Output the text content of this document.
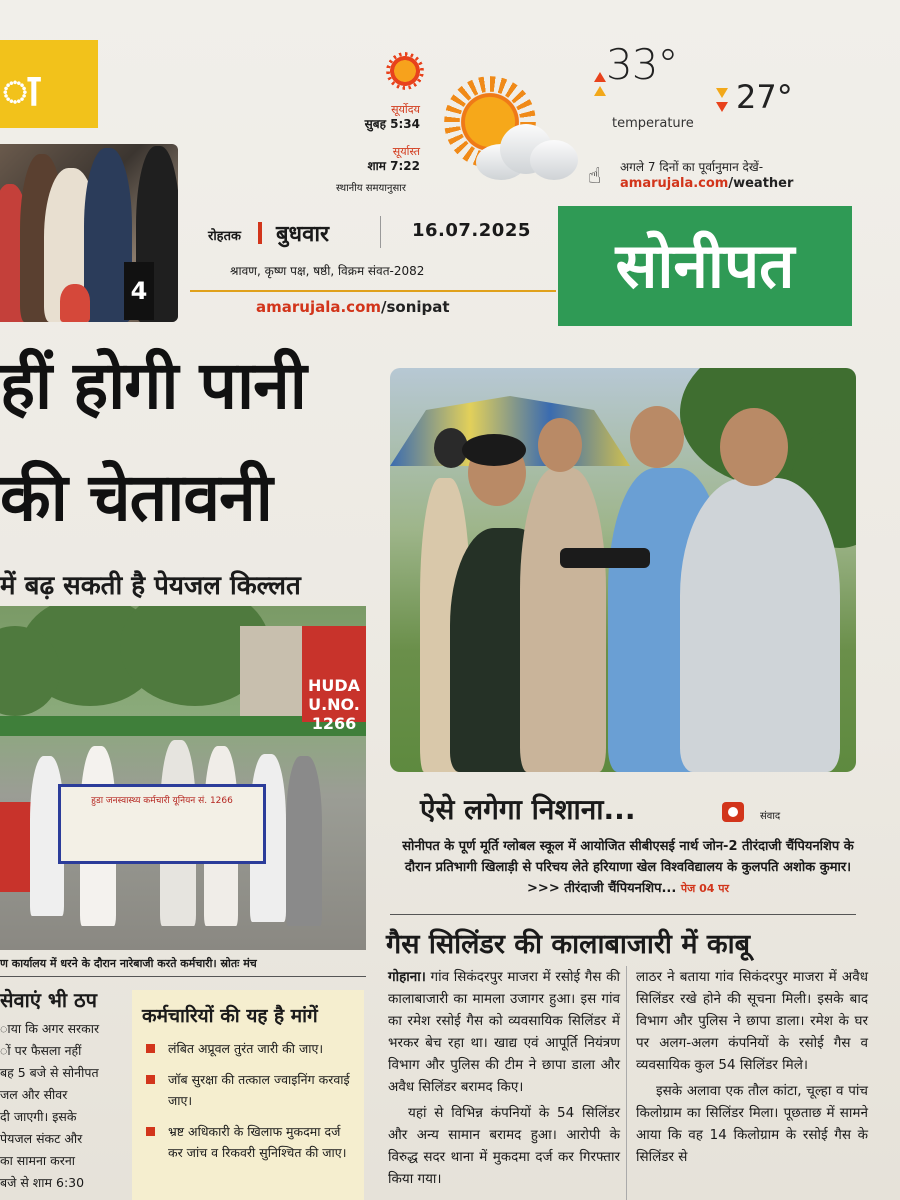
ा	सूर्योदय
सुबह 5:34
सूर्यास्त
शाम 7:22
स्थानीय समयानुसार
33°
temperature
27°
☝ अगले 7 दिनों का पूर्वानुमान देखें-
amarujala.com/weather
4
रोहतक बुधवार	16.07.2025
श्रावण, कृष्ण पक्ष, षष्ठी, विक्रम संवत-2082
amarujala.com/sonipat
सोनीपत
हीं होगी पानी
की चेतावनी
में बढ़ सकती है पेयजल किल्लत
HUDA U.NO. 1266
हुडा जनस्वास्थ्य कर्मचारी यूनियन सं. 1266
ण कार्यालय में धरने के दौरान नारेबाजी करते कर्मचारी। स्रोतः मंच
सेवाएं भी ठप
ाया कि अगर सरकार
ों पर फैसला नहीं
बह 5 बजे से सोनीपत
जल और सीवर
दी जाएगी। इसके
पेयजल संकट और
का सामना करना
बजे से शाम 6:30
कर्मचारियों की यह है मांगें
लंबित अप्रूवल तुरंत जारी की जाए।
जॉब सुरक्षा की तत्काल ज्वाइनिंग करवाई जाए।
भ्रष्ट अधिकारी के खिलाफ मुकदमा दर्ज कर जांच व रिकवरी सुनिश्चित की जाए।
ऐसे लगेगा निशाना...	संवाद
सोनीपत के पूर्ण मूर्ति ग्लोबल स्कूल में आयोजित सीबीएसई नार्थ जोन-2 तीरंदाजी चैंपियनशिप के दौरान प्रतिभागी खिलाड़ी से परिचय लेते हरियाणा खेल विश्वविद्यालय के कुलपति अशोक कुमार। >>> तीरंदाजी चैंपियनशिप... पेज 04 पर
गैस सिलिंडर की कालाबाजारी में काबू

गोहाना। गांव सिकंदरपुर माजरा में रसोई गैस की कालाबाजारी का मामला उजागर हुआ। इस गांव का रमेश रसोई गैस को व्यवसायिक सिलिंडर में भरकर बेच रहा था। खाद्य एवं आपूर्ति नियंत्रण विभाग और पुलिस की टीम ने छापा डाला और अवैध सिलिंडर बरामद किए।

यहां से विभिन्न कंपनियों के 54 सिलिंडर और अन्य सामान बरामद हुआ। आरोपी के विरुद्ध सदर थाना में मुकदमा दर्ज कर गिरफ्तार किया गया।

लाठर ने बताया गांव सिकंदरपुर माजरा में अवैध सिलिंडर रखे होने की सूचना मिली। इसके बाद विभाग और पुलिस ने छापा डाला। रमेश के घर पर अलग-अलग कंपनियों के रसोई गैस व व्यवसायिक कुल 54 सिलिंडर मिले।

इसके अलावा एक तौल कांटा, चूल्हा व पांच किलोग्राम का सिलिंडर मिला। पूछताछ में सामने आया कि वह 14 किलोग्राम के रसोई गैस के सिलिंडर से
